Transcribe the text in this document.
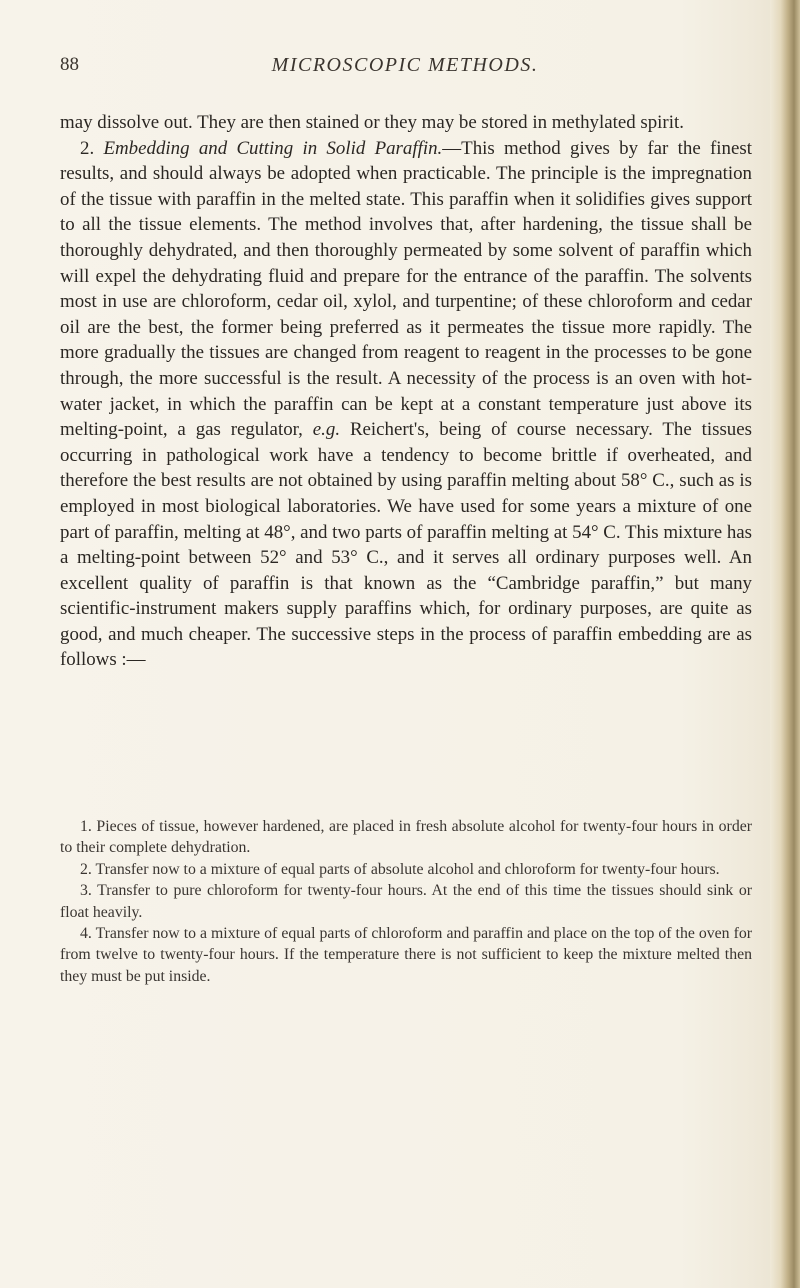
88	MICROSCOPIC METHODS.

may dissolve out. They are then stained or they may be stored in methylated spirit.

2. Embedding and Cutting in Solid Paraffin.—This method gives by far the finest results, and should always be adopted when practicable. The principle is the impregnation of the tissue with paraffin in the melted state. This paraffin when it solidifies gives support to all the tissue elements. The method involves that, after hardening, the tissue shall be thoroughly dehydrated, and then thoroughly permeated by some solvent of paraffin which will expel the dehydrating fluid and prepare for the entrance of the paraffin. The solvents most in use are chloroform, cedar oil, xylol, and turpentine; of these chloroform and cedar oil are the best, the former being preferred as it permeates the tissue more rapidly. The more gradually the tissues are changed from reagent to reagent in the processes to be gone through, the more successful is the result. A necessity of the process is an oven with hot-water jacket, in which the paraffin can be kept at a constant temperature just above its melting-point, a gas regulator, e.g. Reichert's, being of course necessary. The tissues occurring in pathological work have a tendency to become brittle if overheated, and therefore the best results are not obtained by using paraffin melting about 58° C., such as is employed in most biological laboratories. We have used for some years a mixture of one part of paraffin, melting at 48°, and two parts of paraffin melting at 54° C. This mixture has a melting-point between 52° and 53° C., and it serves all ordinary purposes well. An excellent quality of paraffin is that known as the “Cambridge paraffin,” but many scientific-instrument makers supply paraffins which, for ordinary purposes, are quite as good, and much cheaper. The successive steps in the process of paraffin embedding are as follows :—

1. Pieces of tissue, however hardened, are placed in fresh absolute alcohol for twenty-four hours in order to their complete dehydration.

2. Transfer now to a mixture of equal parts of absolute alcohol and chloroform for twenty-four hours.

3. Transfer to pure chloroform for twenty-four hours. At the end of this time the tissues should sink or float heavily.

4. Transfer now to a mixture of equal parts of chloroform and paraffin and place on the top of the oven for from twelve to twenty-four hours. If the temperature there is not sufficient to keep the mixture melted then they must be put inside.
